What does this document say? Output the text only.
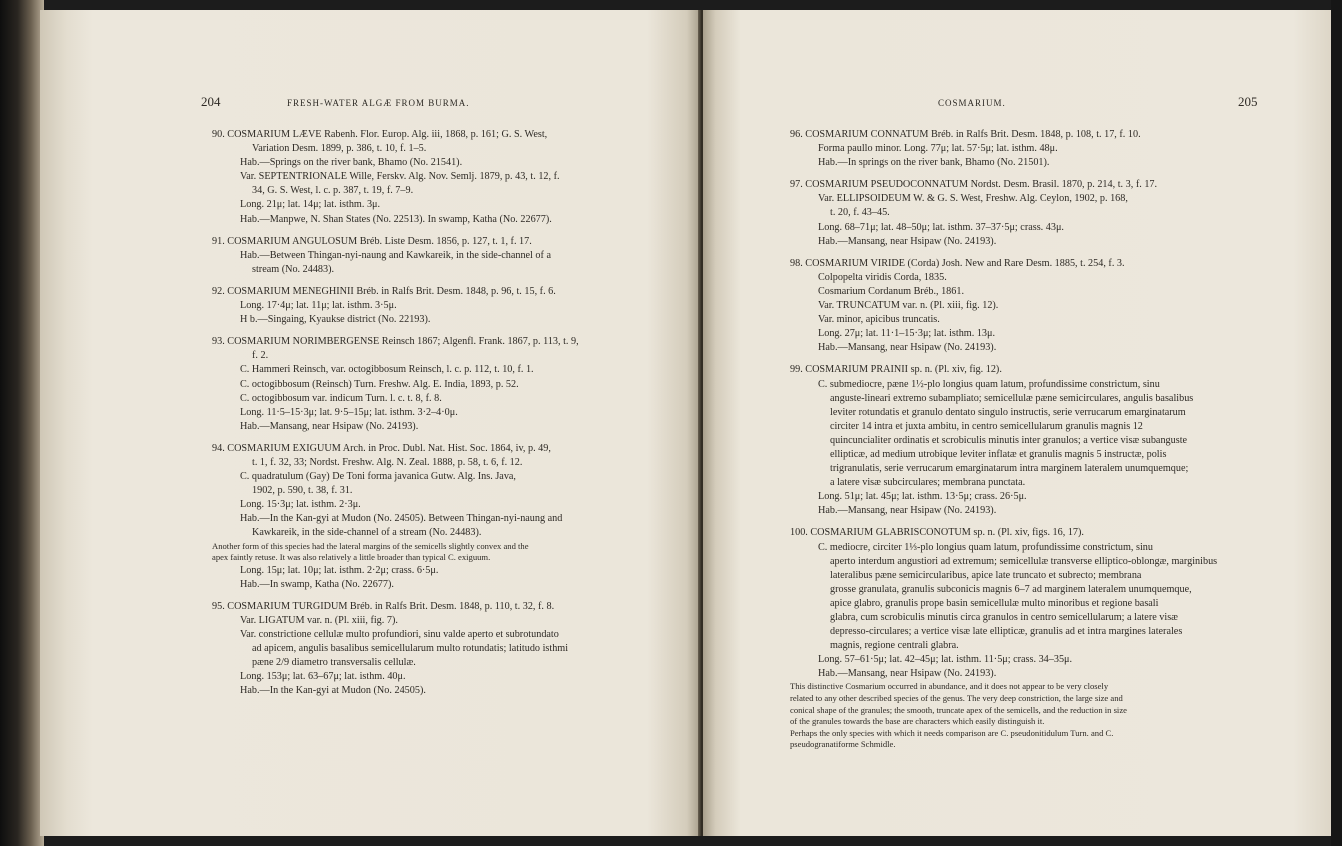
204	FRESH-WATER ALGÆ FROM BURMA.	205
COSMARIUM.

90. COSMARIUM LÆVE Rabenh. Flor. Europ. Alg. iii, 1868, p. 161; G. S. West,

Variation Desm. 1899, p. 386, t. 10, f. 1–5.

Hab.—Springs on the river bank, Bhamo (No. 21541).

Var. SEPTENTRIONALE Wille, Ferskv. Alg. Nov. Semlj. 1879, p. 43, t. 12, f.

34, G. S. West, l. c. p. 387, t. 19, f. 7–9.

Long. 21μ; lat. 14μ; lat. isthm. 3μ.

Hab.—Manpwe, N. Shan States (No. 22513). In swamp, Katha (No. 22677).

91. COSMARIUM ANGULOSUM Bréb. Liste Desm. 1856, p. 127, t. 1, f. 17.

Hab.—Between Thingan-nyi-naung and Kawkareik, in the side-channel of a

stream (No. 24483).

92. COSMARIUM MENEGHINII Bréb. in Ralfs Brit. Desm. 1848, p. 96, t. 15, f. 6.

Long. 17·4μ; lat. 11μ; lat. isthm. 3·5μ.

H b.—Singaing, Kyaukse district (No. 22193).

93. COSMARIUM NORIMBERGENSE Reinsch 1867; Algenfl. Frank. 1867, p. 113, t. 9,

f. 2.

C. Hammeri Reinsch, var. octogibbosum Reinsch, l. c. p. 112, t. 10, f. 1.

C. octogibbosum (Reinsch) Turn. Freshw. Alg. E. India, 1893, p. 52.

C. octogibbosum var. indicum Turn. l. c. t. 8, f. 8.

Long. 11·5–15·3μ; lat. 9·5–15μ; lat. isthm. 3·2–4·0μ.

Hab.—Mansang, near Hsipaw (No. 24193).

94. COSMARIUM EXIGUUM Arch. in Proc. Dubl. Nat. Hist. Soc. 1864, iv, p. 49,

t. 1, f. 32, 33; Nordst. Freshw. Alg. N. Zeal. 1888, p. 58, t. 6, f. 12.

C. quadratulum (Gay) De Toni forma javanica Gutw. Alg. Ins. Java,

1902, p. 590, t. 38, f. 31.

Long. 15·3μ; lat. isthm. 2·3μ.

Hab.—In the Kan-gyi at Mudon (No. 24505). Between Thingan-nyi-naung and

Kawkareik, in the side-channel of a stream (No. 24483).

Another form of this species had the lateral margins of the semicells slightly convex and the

apex faintly retuse. It was also relatively a little broader than typical C. exiguum.

Long. 15μ; lat. 10μ; lat. isthm. 2·2μ; crass. 6·5μ.

Hab.—In swamp, Katha (No. 22677).

95. COSMARIUM TURGIDUM Bréb. in Ralfs Brit. Desm. 1848, p. 110, t. 32, f. 8.

Var. LIGATUM var. n. (Pl. xiii, fig. 7).

Var. constrictione cellulæ multo profundiori, sinu valde aperto et subrotundato

ad apicem, angulis basalibus semicellularum multo rotundatis; latitudo isthmi

pæne 2/9 diametro transversalis cellulæ.

Long. 153μ; lat. 63–67μ; lat. isthm. 40μ.

Hab.—In the Kan-gyi at Mudon (No. 24505).

96. COSMARIUM CONNATUM Bréb. in Ralfs Brit. Desm. 1848, p. 108, t. 17, f. 10.

Forma paullo minor. Long. 77μ; lat. 57·5μ; lat. isthm. 48μ.

Hab.—In springs on the river bank, Bhamo (No. 21501).

97. COSMARIUM PSEUDOCONNATUM Nordst. Desm. Brasil. 1870, p. 214, t. 3, f. 17.

Var. ELLIPSOIDEUM W. & G. S. West, Freshw. Alg. Ceylon, 1902, p. 168,

t. 20, f. 43–45.

Long. 68–71μ; lat. 48–50μ; lat. isthm. 37–37·5μ; crass. 43μ.

Hab.—Mansang, near Hsipaw (No. 24193).

98. COSMARIUM VIRIDE (Corda) Josh. New and Rare Desm. 1885, t. 254, f. 3.

Colpopelta viridis Corda, 1835.

Cosmarium Cordanum Bréb., 1861.

Var. TRUNCATUM var. n. (Pl. xiii, fig. 12).

Var. minor, apicibus truncatis.

Long. 27μ; lat. 11·1–15·3μ; lat. isthm. 13μ.

Hab.—Mansang, near Hsipaw (No. 24193).

99. COSMARIUM PRAINII sp. n. (Pl. xiv, fig. 12).

C. submediocre, pæne 1½-plo longius quam latum, profundissime constrictum, sinu

anguste-lineari extremo subampliato; semicellulæ pæne semicirculares, angulis basalibus

leviter rotundatis et granulo dentato singulo instructis, serie verrucarum emarginatarum

circiter 14 intra et juxta ambitu, in centro semicellularum granulis magnis 12

quincuncialiter ordinatis et scrobiculis minutis inter granulos; a vertice visæ subanguste

ellipticæ, ad medium utrobique leviter inflatæ et granulis magnis 5 instructæ, polis

trigranulatis, serie verrucarum emarginatarum intra marginem lateralem unumquemque;

a latere visæ subcirculares; membrana punctata.

Long. 51μ; lat. 45μ; lat. isthm. 13·5μ; crass. 26·5μ.

Hab.—Mansang, near Hsipaw (No. 24193).

100. COSMARIUM GLABRISCONOTUM sp. n. (Pl. xiv, figs. 16, 17).

C. mediocre, circiter 1⅓-plo longius quam latum, profundissime constrictum, sinu

aperto interdum angustiori ad extremum; semicellulæ transverse elliptico-oblongæ, marginibus

lateralibus pæne semicircularibus, apice late truncato et subrecto; membrana

grosse granulata, granulis subconicis magnis 6–7 ad marginem lateralem unumquemque,

apice glabro, granulis prope basin semicellulæ multo minoribus et regione basali

glabra, cum scrobiculis minutis circa granulos in centro semicellularum; a latere visæ

depresso-circulares; a vertice visæ late ellipticæ, granulis ad et intra margines laterales

magnis, regione centrali glabra.

Long. 57–61·5μ; lat. 42–45μ; lat. isthm. 11·5μ; crass. 34–35μ.

Hab.—Mansang, near Hsipaw (No. 24193).

This distinctive Cosmarium occurred in abundance, and it does not appear to be very closely

related to any other described species of the genus. The very deep constriction, the large size and

conical shape of the granules; the smooth, truncate apex of the semicells, and the reduction in size

of the granules towards the base are characters which easily distinguish it.

Perhaps the only species with which it needs comparison are C. pseudonitidulum Turn. and C.

pseudogranatiforme Schmidle.
